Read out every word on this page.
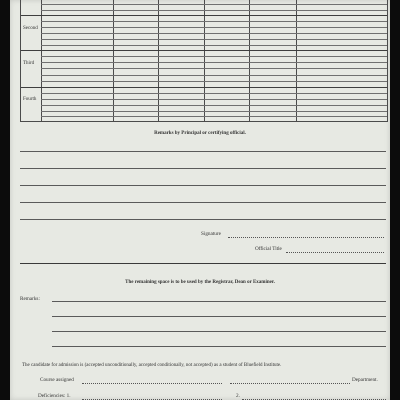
Second
Third
Fourth
Remarks by Principal or certifying official.
Signature
Official Title
The remaining space is to be used by the Registrar, Dean or Examiner.
Remarks:
The candidate for admission is (accepted unconditionally, accepted conditionally, not accepted) as a student of Bluefield Institute.
Course assigned	Department.
Deficiencies: 1.	2.
